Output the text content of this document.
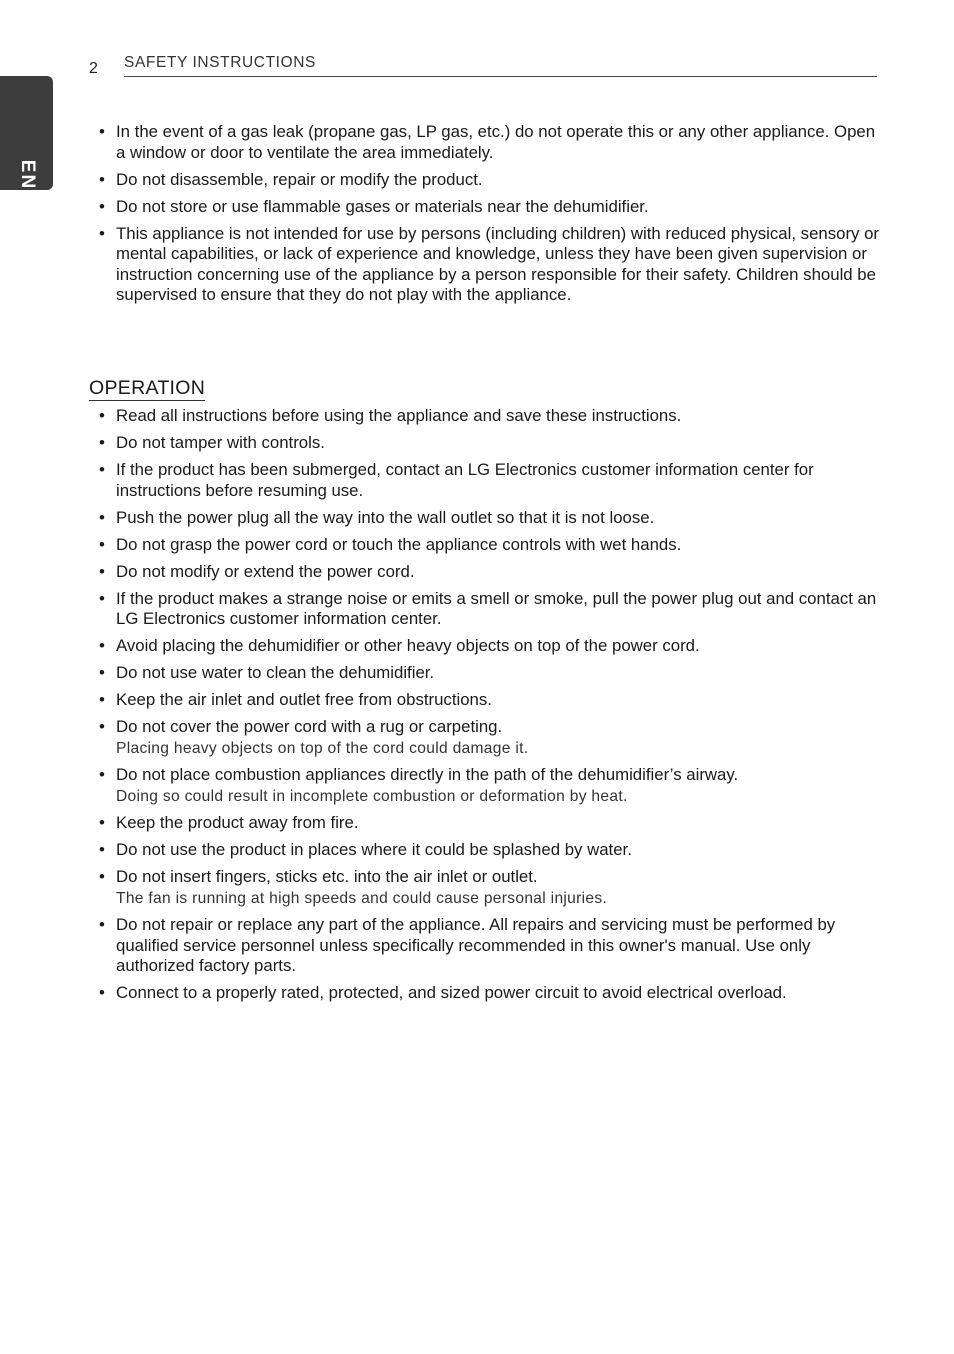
2 SAFETY INSTRUCTIONS
ENGLISH
• In the event of a gas leak (propane gas, LP gas, etc.) do not operate this or any other appliance. Open a window or door to ventilate the area immediately.
• Do not disassemble, repair or modify the product.
• Do not store or use flammable gases or materials near the dehumidifier.
• This appliance is not intended for use by persons (including children) with reduced physical, sensory or mental capabilities, or lack of experience and knowledge, unless they have been given supervision or instruction concerning use of the appliance by a person responsible for their safety. Children should be supervised to ensure that they do not play with the appliance.
OPERATION
• Read all instructions before using the appliance and save these instructions.
• Do not tamper with controls.
• If the product has been submerged, contact an LG Electronics customer information center for instructions before resuming use.
• Push the power plug all the way into the wall outlet so that it is not loose.
• Do not grasp the power cord or touch the appliance controls with wet hands.
• Do not modify or extend the power cord.
• If the product makes a strange noise or emits a smell or smoke, pull the power plug out and contact an LG Electronics customer information center.
• Avoid placing the dehumidifier or other heavy objects on top of the power cord.
• Do not use water to clean the dehumidifier.
• Keep the air inlet and outlet free from obstructions.
• Do not cover the power cord with a rug or carpeting.
Placing heavy objects on top of the cord could damage it.
• Do not place combustion appliances directly in the path of the dehumidifier’s airway.
Doing so could result in incomplete combustion or deformation by heat.
• Keep the product away from fire.
• Do not use the product in places where it could be splashed by water.
• Do not insert fingers, sticks etc. into the air inlet or outlet.
The fan is running at high speeds and could cause personal injuries.
• Do not repair or replace any part of the appliance. All repairs and servicing must be performed by qualified service personnel unless specifically recommended in this owner's manual. Use only authorized factory parts.
• Connect to a properly rated, protected, and sized power circuit to avoid electrical overload.
